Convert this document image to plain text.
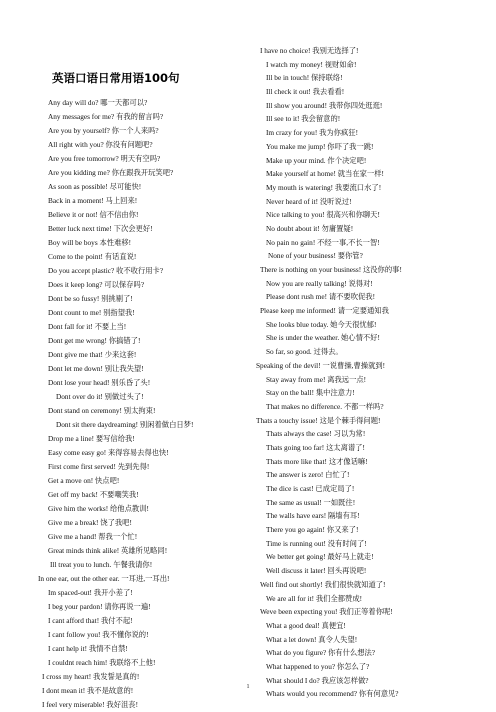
英语口语日常用语100句
Any day will do? 哪一天都可以?
Any messages for me? 有我的留言吗?
Are you by yourself? 你一个人来吗?
All right with you? 你没有问题吧?
Are you free tomorrow? 明天有空吗?
Are you kidding me? 你在跟我开玩笑吧?
As soon as possible! 尽可能快!
Back in a moment! 马上回来!
Believe it or not! 信不信由你!
Better luck next time! 下次会更好!
Boy will be boys 本性难移!
Come to the point! 有话直说!
Do you accept plastic? 收不收行用卡?
Does it keep long? 可以保存吗?
Dont be so fussy! 别挑剔了!
Dont count to me! 别指望我!
Dont fall for it! 不要上当!
Dont get me wrong! 你搞错了!
Dont give me that! 少来这套!
Dont let me down! 别让我失望!
Dont lose your head! 别乐昏了头!
Dont over do it! 别做过头了!
Dont stand on ceremony! 别太拘束!
Dont sit there daydreaming! 别闲着做白日梦!
Drop me a line! 要写信给我!
Easy come easy go! 来得容易去得也快!
First come first served! 先到先得!
Get a move on! 快点吧!
Get off my back! 不要嘲笑我!
Give him the works! 给他点教训!
Give me a break! 饶了我吧!
Give me a hand! 帮我一个忙!
Great minds think alike! 英雄所见略同!
Ill treat you to lunch. 午餐我请你!
In one ear, out the other ear. 一耳进,一耳出!
Im spaced-out! 我开小差了!
I beg your pardon! 请你再说一遍!
I cant afford that! 我付不起!
I cant follow you! 我不懂你说的!
I cant help it! 我情不自禁!
I couldnt reach him! 我联络不上他!
I cross my heart! 我发誓是真的!
I dont mean it! 我不是故意的!
I feel very miserable! 我好沮丧!
I have no choice! 我别无选择了!
I watch my money! 视财如命!
Ill be in touch! 保持联络!
Ill check it out! 我去看看!
Ill show you around! 我带你四处逛逛!
Ill see to it! 我会留意的!
Im crazy for you! 我为你疯狂!
You make me jump! 你吓了我一跳!
Make up your mind. 作个决定吧!
Make yourself at home! 就当在家一样!
My mouth is watering! 我要流口水了!
Never heard of it! 没听说过!
Nice talking to you! 很高兴和你聊天!
No doubt about it! 勿庸置疑!
No pain no gain! 不经一事,不长一智!
None of your business! 要你管?
There is nothing on your business! 这没你的事!
Now you are really talking! 说得对!
Please dont rush me! 请不要吹促我!
Please keep me informed! 请一定要通知我
She looks blue today. 她今天很忧郁!
She is under the weather. 她心情不好!
So far, so good. 过得去。
Speaking of the devil! 一说曹操,曹操就到!
Stay away from me! 离我远一点!
Stay on the ball! 集中注意力!
That makes no difference. 不都一样吗?
Thats a touchy issue! 这是个棘手得问题!
Thats always the case! 习以为常!
Thats going too far! 这太离谱了!
Thats more like that! 这才像话嘛!
The answer is zero! 白忙了!
The dice is cast! 已成定局了!
The same as usual! 一如既往!
The walls have ears! 隔墙有耳!
There you go again! 你又来了!
Time is running out! 没有时间了!
We better get going! 最好马上就走!
Well discuss it later! 回头再说吧!
Well find out shortly! 我们很快就知道了!
We are all for it! 我们全都赞成!
Weve been expecting you! 我们正等着你呢!
What a good deal! 真便宜!
What a let down! 真令人失望!
What do you figure? 你有什么想法?
What happened to you? 你怎么了?
What should I do? 我应该怎样做?
Whats would you recommend? 你有何意见?
1
